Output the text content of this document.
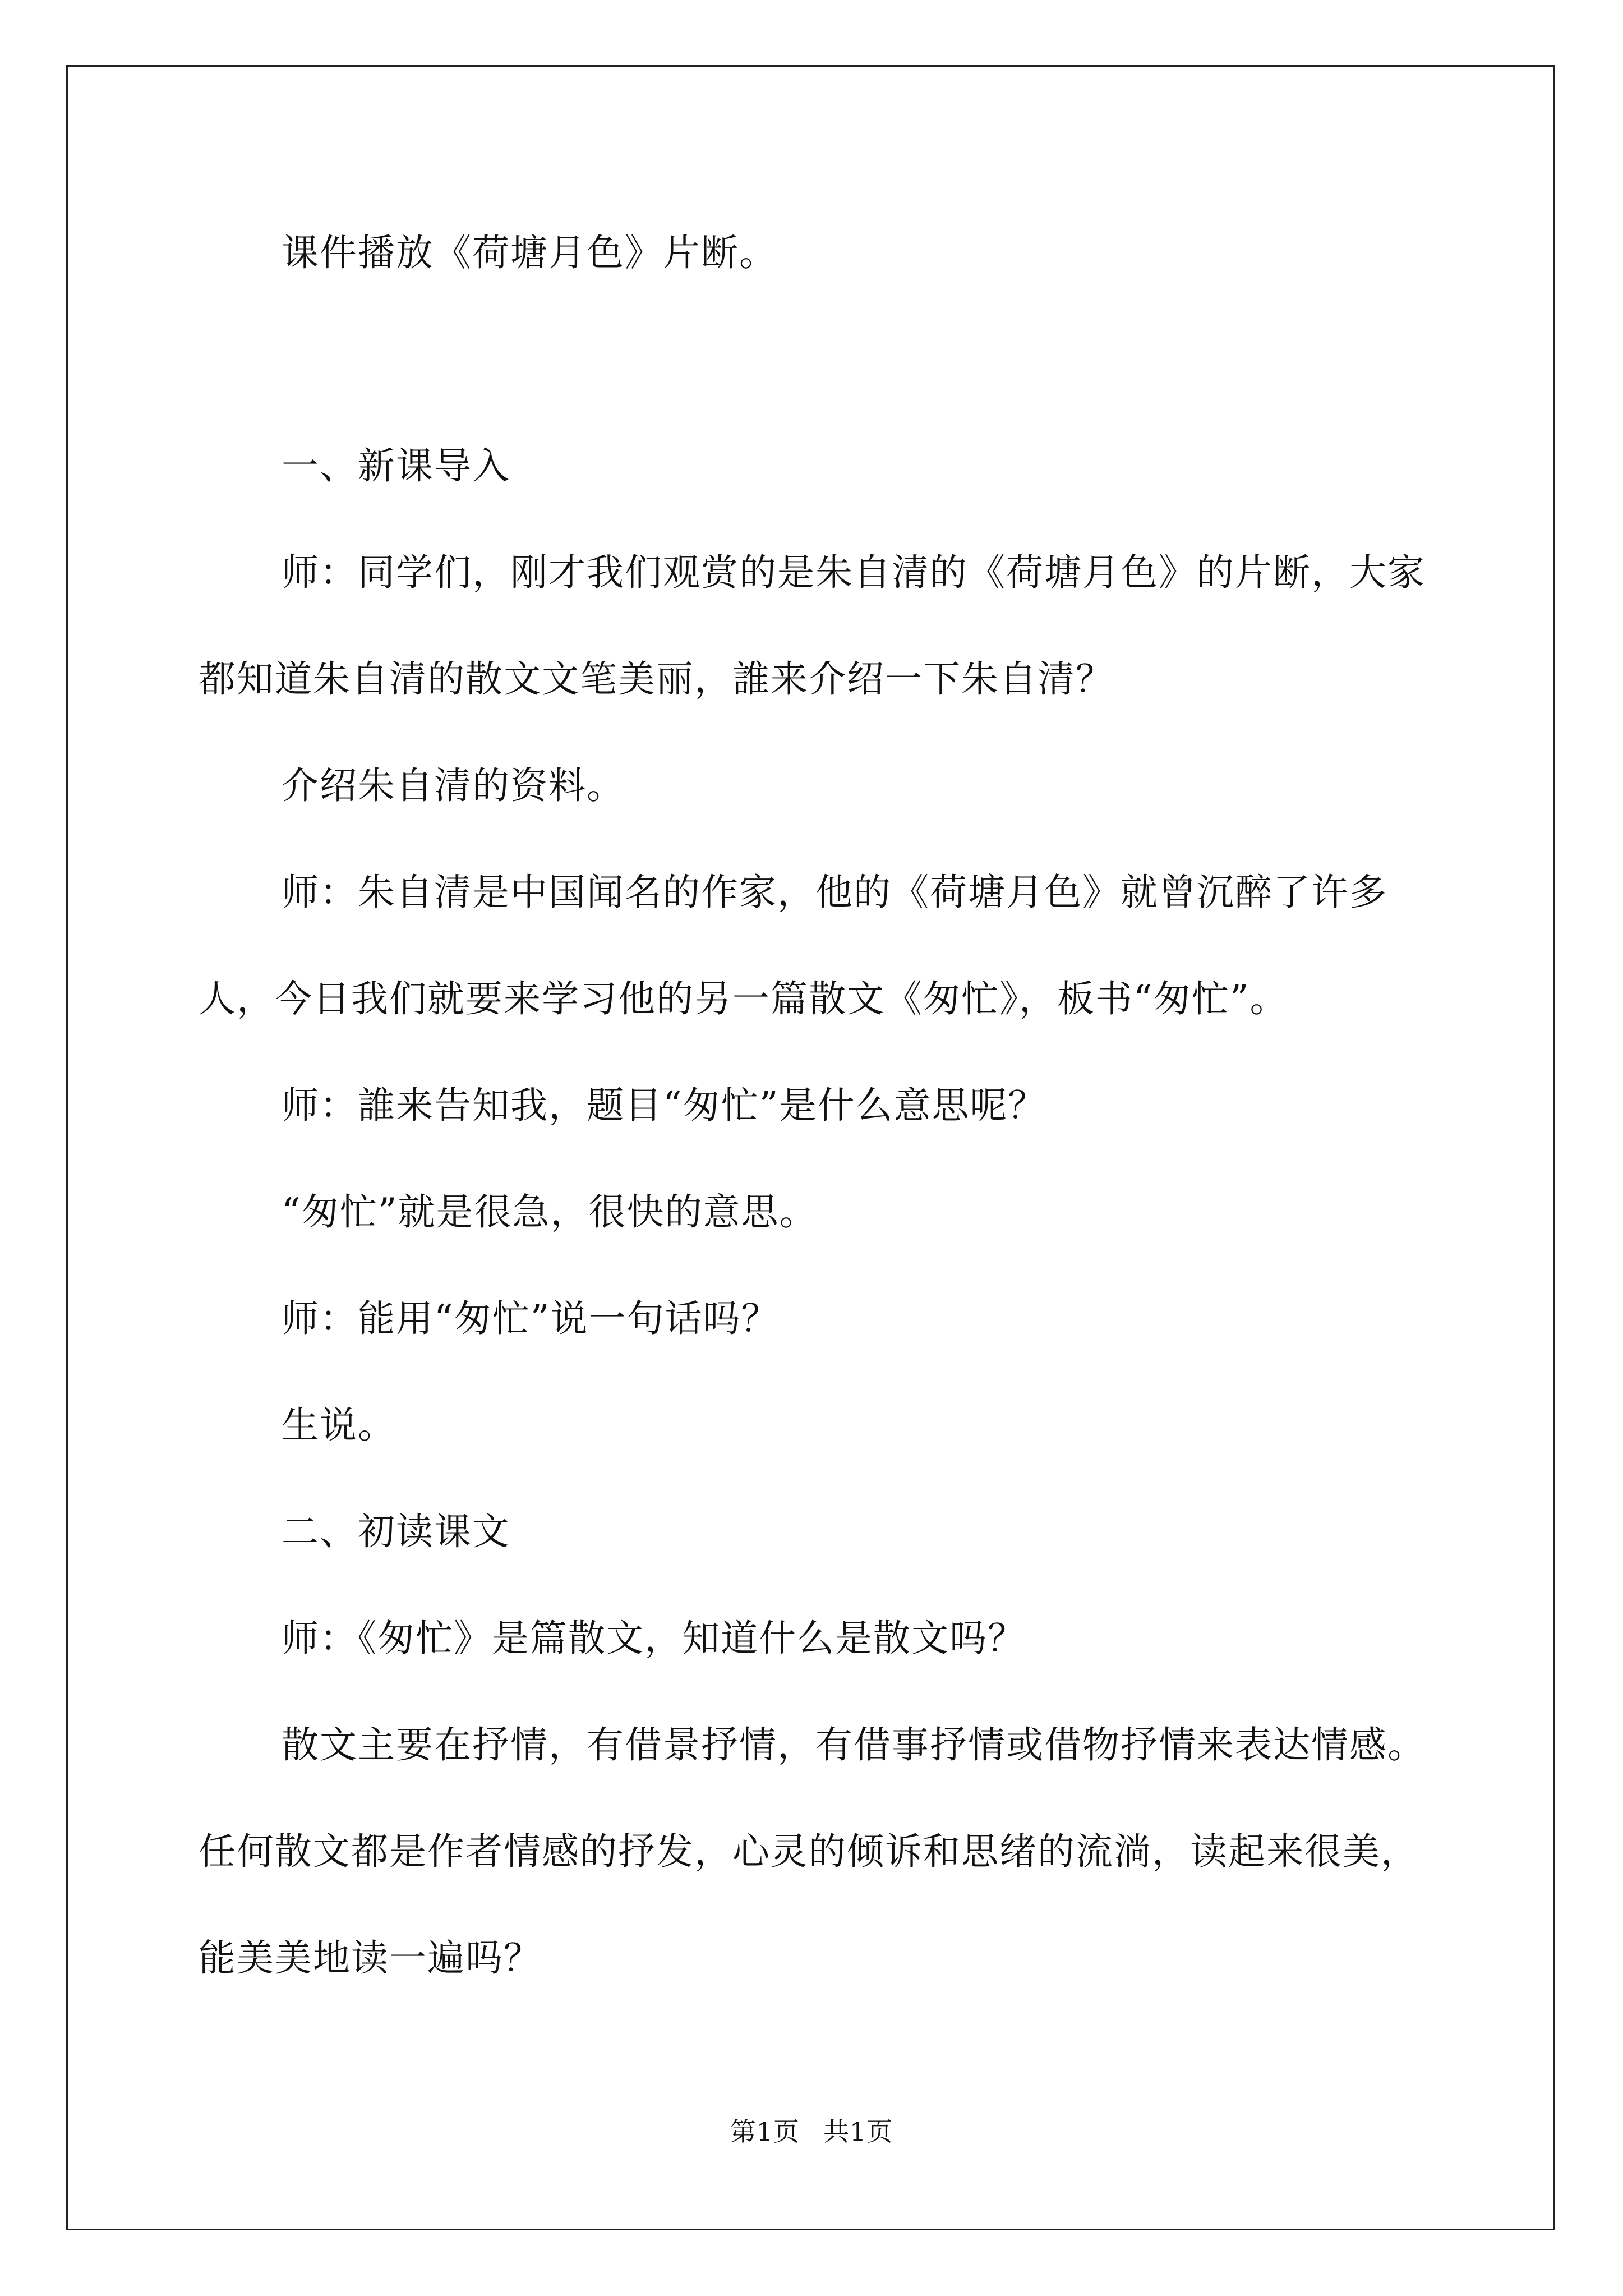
课件播放《荷塘月色》片断。

一、新课导入

师：同学们，刚才我们观赏的是朱自清的《荷塘月色》的片断，大家都知道朱自清的散文文笔美丽，誰来介绍一下朱自清？

介绍朱自清的资料。

师：朱自清是中国闻名的作家，他的《荷塘月色》就曾沉醉了许多人，今日我们就要来学习他的另一篇散文《匆忙》，板书“匆忙”。

师：誰来告知我，题目“匆忙”是什么意思呢？

“匆忙”就是很急，很快的意思。

师：能用“匆忙”说一句话吗？

生说。

二、初读课文

师：《匆忙》是篇散文，知道什么是散文吗？

散文主要在抒情，有借景抒情，有借事抒情或借物抒情来表达情感。任何散文都是作者情感的抒发，心灵的倾诉和思绪的流淌，读起来很美，能美美地读一遍吗？

第1页 共1页
